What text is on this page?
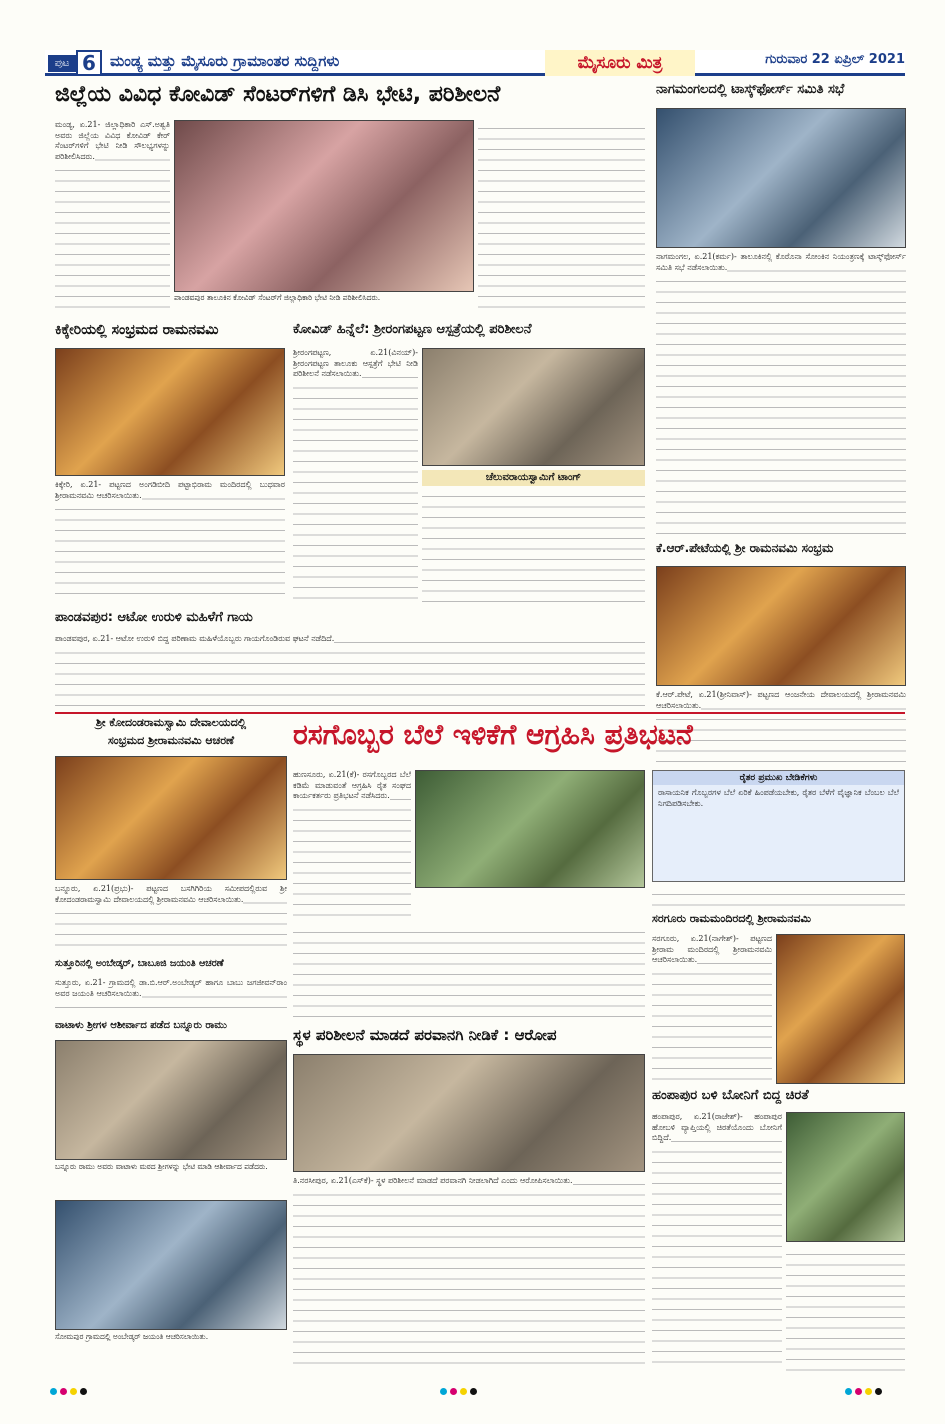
ಪುಟ 6 ಮಂಡ್ಯ ಮತ್ತು ಮೈಸೂರು ಗ್ರಾಮಾಂತರ ಸುದ್ದಿಗಳು	ಮೈಸೂರು ಮಿತ್ರ	ಗುರುವಾರ 22 ಏಪ್ರಿಲ್ 2021
ಜಿಲ್ಲೆಯ ವಿವಿಧ ಕೋವಿಡ್ ಸೆಂಟರ್‌ಗಳಿಗೆ ಡಿಸಿ ಭೇಟಿ, ಪರಿಶೀಲನೆ
ಮಂಡ್ಯ, ಏ.21- ಜಿಲ್ಲಾಧಿಕಾರಿ ಎಸ್.ಅಶ್ವತಿ ಅವರು ಜಿಲ್ಲೆಯ ವಿವಿಧ ಕೋವಿಡ್ ಕೇರ್ ಸೆಂಟರ್‌ಗಳಿಗೆ ಭೇಟಿ ನೀಡಿ ಸೌಲಭ್ಯಗಳನ್ನು ಪರಿಶೀಲಿಸಿದರು.
ಪಾಂಡವಪುರ ತಾಲೂಕಿನ ಕೋವಿಡ್ ಸೆಂಟರ್‌ಗೆ ಜಿಲ್ಲಾಧಿಕಾರಿ ಭೇಟಿ ನೀಡಿ ಪರಿಶೀಲಿಸಿದರು.
ನಾಗಮಂಗಲದಲ್ಲಿ ಟಾಸ್ಕ್‌ಫೋರ್ಸ್ ಸಮಿತಿ ಸಭೆ
ನಾಗಮಂಗಲ, ಏ.21(ಕರ್ಮ)- ತಾಲೂಕಿನಲ್ಲಿ ಕೊರೊನಾ ಸೋಂಕಿನ ನಿಯಂತ್ರಣಕ್ಕೆ ಟಾಸ್ಕ್‌ಫೋರ್ಸ್ ಸಮಿತಿ ಸಭೆ ನಡೆಸಲಾಯಿತು.
ಕಿಕ್ಕೇರಿಯಲ್ಲಿ ಸಂಭ್ರಮದ ರಾಮನವಮಿ
ಕಿಕ್ಕೇರಿ, ಏ.21- ಪಟ್ಟಣದ ಅಂಗಡಿಬೀದಿ ಪಟ್ಟಾಭಿರಾಮ ಮಂದಿರದಲ್ಲಿ ಬುಧವಾರ ಶ್ರೀರಾಮನವಮಿ ಆಚರಿಸಲಾಯಿತು.
ಕೋವಿಡ್ ಹಿನ್ನೆಲೆ: ಶ್ರೀರಂಗಪಟ್ಟಣ ಆಸ್ಪತ್ರೆಯಲ್ಲಿ ಪರಿಶೀಲನೆ
ಶ್ರೀರಂಗಪಟ್ಟಣ, ಏ.21(ವಿನಯ್)- ಶ್ರೀರಂಗಪಟ್ಟಣ ತಾಲೂಕು ಆಸ್ಪತ್ರೆಗೆ ಭೇಟಿ ನೀಡಿ ಪರಿಶೀಲನೆ ನಡೆಸಲಾಯಿತು.
ಚೆಲುವರಾಯಸ್ವಾಮಿಗೆ ಟಾಂಗ್
ಪಾಂಡವಪುರ: ಆಟೋ ಉರುಳಿ ಮಹಿಳೆಗೆ ಗಾಯ
ಪಾಂಡವಪುರ, ಏ.21- ಆಟೋ ಉರುಳಿ ಬಿದ್ದ ಪರಿಣಾಮ ಮಹಿಳೆಯೊಬ್ಬರು ಗಾಯಗೊಂಡಿರುವ ಘಟನೆ ನಡೆದಿದೆ.
ಕೆ.ಆರ್.ಪೇಟೆಯಲ್ಲಿ ಶ್ರೀ ರಾಮನವಮಿ ಸಂಭ್ರಮ
ಕೆ.ಆರ್.ಪೇಟೆ, ಏ.21(ಶ್ರೀನಿವಾಸ್)- ಪಟ್ಟಣದ ಆಂಜನೇಯ ದೇವಾಲಯದಲ್ಲಿ ಶ್ರೀರಾಮನವಮಿ ಆಚರಿಸಲಾಯಿತು.
ಶ್ರೀ ಕೋದಂಡರಾಮಸ್ವಾಮಿ ದೇವಾಲಯದಲ್ಲಿ
ಸಂಭ್ರಮದ ಶ್ರೀರಾಮನವಮಿ ಆಚರಣೆ
ಬನ್ನೂರು, ಏ.21(ಪ್ರಭು)- ಪಟ್ಟಣದ ಬಸಗಿಗಿರಿಯ ಸಮೀಪದಲ್ಲಿರುವ ಶ್ರೀ ಕೋದಂಡರಾಮಸ್ವಾಮಿ ದೇವಾಲಯದಲ್ಲಿ ಶ್ರೀರಾಮನವಮಿ ಆಚರಿಸಲಾಯಿತು.
ರಸಗೊಬ್ಬರ ಬೆಲೆ ಇಳಿಕೆಗೆ ಆಗ್ರಹಿಸಿ ಪ್ರತಿಭಟನೆ
ಹುಣಸೂರು, ಏ.21(ಕೆ)- ರಸಗೊಬ್ಬರದ ಬೆಲೆ ಕಡಿಮೆ ಮಾಡುವಂತೆ ಆಗ್ರಹಿಸಿ ರೈತ ಸಂಘದ ಕಾರ್ಯಕರ್ತರು ಪ್ರತಿಭಟನೆ ನಡೆಸಿದರು.
ರೈತರ ಪ್ರಮುಖ ಬೇಡಿಕೆಗಳು
ರಾಸಾಯನಿಕ ಗೊಬ್ಬರಗಳ ಬೆಲೆ ಏರಿಕೆ ಹಿಂಪಡೆಯಬೇಕು, ರೈತರ ಬೆಳೆಗೆ ವೈಜ್ಞಾನಿಕ ಬೆಂಬಲ ಬೆಲೆ ನಿಗದಿಪಡಿಸಬೇಕು.
ಸುತ್ತೂರಿನಲ್ಲಿ ಅಂಬೇಡ್ಕರ್, ಬಾಬೂಜಿ ಜಯಂತಿ ಆಚರಣೆ
ಸುತ್ತೂರು, ಏ.21- ಗ್ರಾಮದಲ್ಲಿ ಡಾ.ಬಿ.ಆರ್.ಅಂಬೇಡ್ಕರ್ ಹಾಗೂ ಬಾಬು ಜಗಜೀವನ್‌ರಾಂ ಅವರ ಜಯಂತಿ ಆಚರಿಸಲಾಯಿತು.
ವಾಟಾಳು ಶ್ರೀಗಳ ಆಶೀರ್ವಾದ ಪಡೆದ ಬನ್ನೂರು ರಾಮು
ಬನ್ನೂರು ರಾಮು ಅವರು ವಾಟಾಳು ಮಠದ ಶ್ರೀಗಳನ್ನು ಭೇಟಿ ಮಾಡಿ ಆಶೀರ್ವಾದ ಪಡೆದರು.
ಸೋಮಪುರ ಗ್ರಾಮದಲ್ಲಿ ಅಂಬೇಡ್ಕರ್ ಜಯಂತಿ ಆಚರಿಸಲಾಯಿತು.
ಸ್ಥಳ ಪರಿಶೀಲನೆ ಮಾಡದೆ ಪರವಾನಗಿ ನೀಡಿಕೆ : ಆರೋಪ
ತಿ.ನರಸೀಪುರ, ಏ.21(ಎಸ್‌ಕೆ)- ಸ್ಥಳ ಪರಿಶೀಲನೆ ಮಾಡದೆ ಪರವಾನಗಿ ನೀಡಲಾಗಿದೆ ಎಂದು ಆರೋಪಿಸಲಾಯಿತು.
ಸರಗೂರು ರಾಮಮಂದಿರದಲ್ಲಿ ಶ್ರೀರಾಮನವಮಿ
ಸರಗೂರು, ಏ.21(ನಾಗೇಶ್)- ಪಟ್ಟಣದ ಶ್ರೀರಾಮ ಮಂದಿರದಲ್ಲಿ ಶ್ರೀರಾಮನವಮಿ ಆಚರಿಸಲಾಯಿತು.
ಹಂಪಾಪುರ ಬಳಿ ಬೋನಿಗೆ ಬಿದ್ದ ಚಿರತೆ
ಹಂಪಾಪುರ, ಏ.21(ರಾಜೇಶ್)- ಹಂಪಾಪುರ ಹೋಬಳಿ ವ್ಯಾಪ್ತಿಯಲ್ಲಿ ಚಿರತೆಯೊಂದು ಬೋನಿಗೆ ಬಿದ್ದಿದೆ.
